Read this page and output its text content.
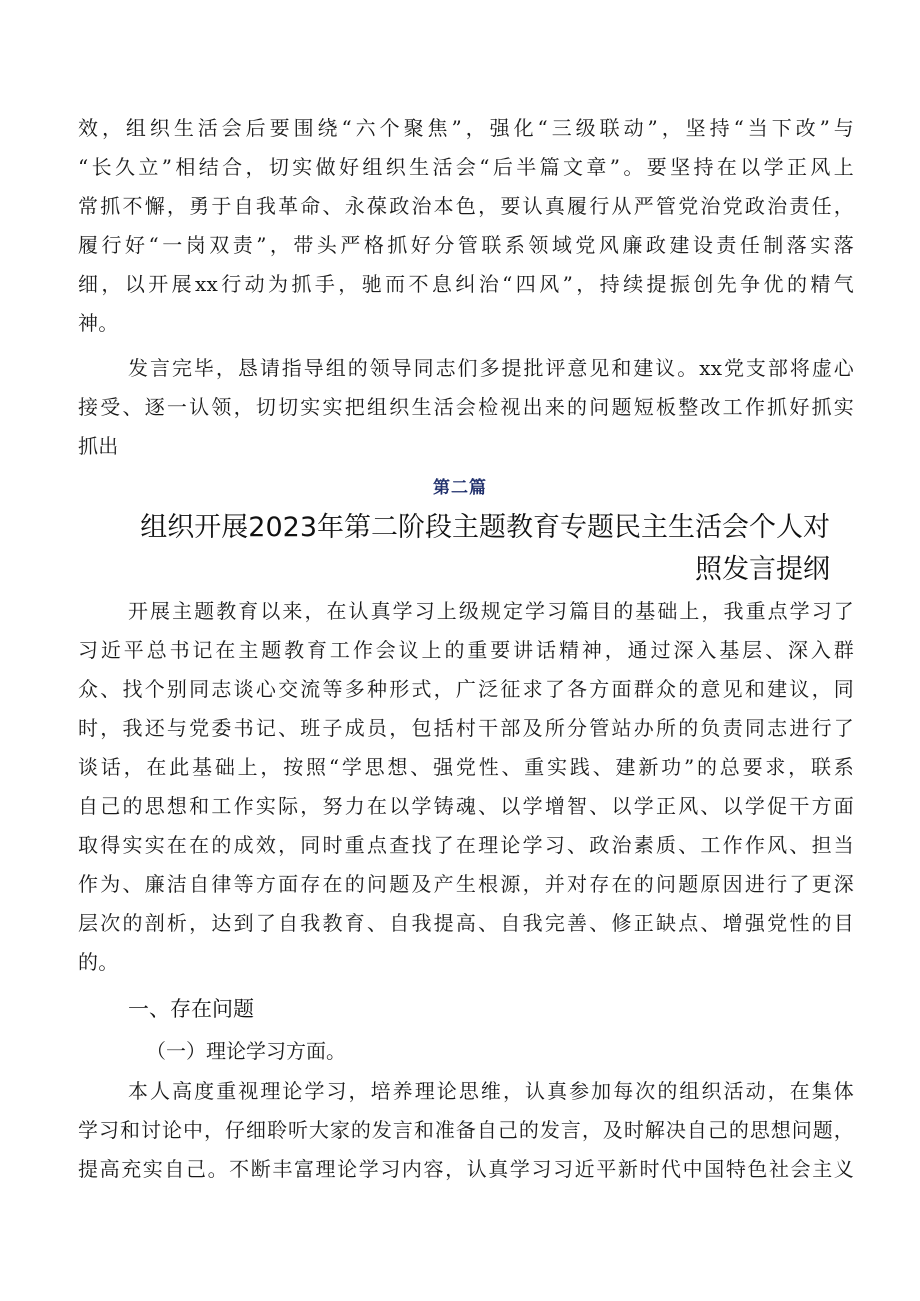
效，组织生活会后要围绕“六个聚焦”，强化“三级联动”，坚持“当下改”与
“长久立”相结合，切实做好组织生活会“后半篇文章”。要坚持在以学正风上
常抓不懈，勇于自我革命、永葆政治本色，要认真履行从严管党治党政治责任，
履行好“一岗双责”，带头严格抓好分管联系领域党风廉政建设责任制落实落
细，以开展xx行动为抓手，驰而不息纠治“四风”，持续提振创先争优的精气
神。
发言完毕，恳请指导组的领导同志们多提批评意见和建议。xx党支部将虚心
接受、逐一认领，切切实实把组织生活会检视出来的问题短板整改工作抓好抓实
抓出
第二篇
组织开展2023年第二阶段主题教育专题民主生活会个人对
照发言提纲
开展主题教育以来，在认真学习上级规定学习篇目的基础上，我重点学习了
习近平总书记在主题教育工作会议上的重要讲话精神，通过深入基层、深入群
众、找个别同志谈心交流等多种形式，广泛征求了各方面群众的意见和建议，同
时，我还与党委书记、班子成员，包括村干部及所分管站办所的负责同志进行了
谈话，在此基础上，按照“学思想、强党性、重实践、建新功”的总要求，联系
自己的思想和工作实际，努力在以学铸魂、以学增智、以学正风、以学促干方面
取得实实在在的成效，同时重点查找了在理论学习、政治素质、工作作风、担当
作为、廉洁自律等方面存在的问题及产生根源，并对存在的问题原因进行了更深
层次的剖析，达到了自我教育、自我提高、自我完善、修正缺点、增强党性的目
的。
一、存在问题
（一）理论学习方面。
本人高度重视理论学习，培养理论思维，认真参加每次的组织活动，在集体
学习和讨论中，仔细聆听大家的发言和准备自己的发言，及时解决自己的思想问题，
提高充实自己。不断丰富理论学习内容，认真学习习近平新时代中国特色社会主义
